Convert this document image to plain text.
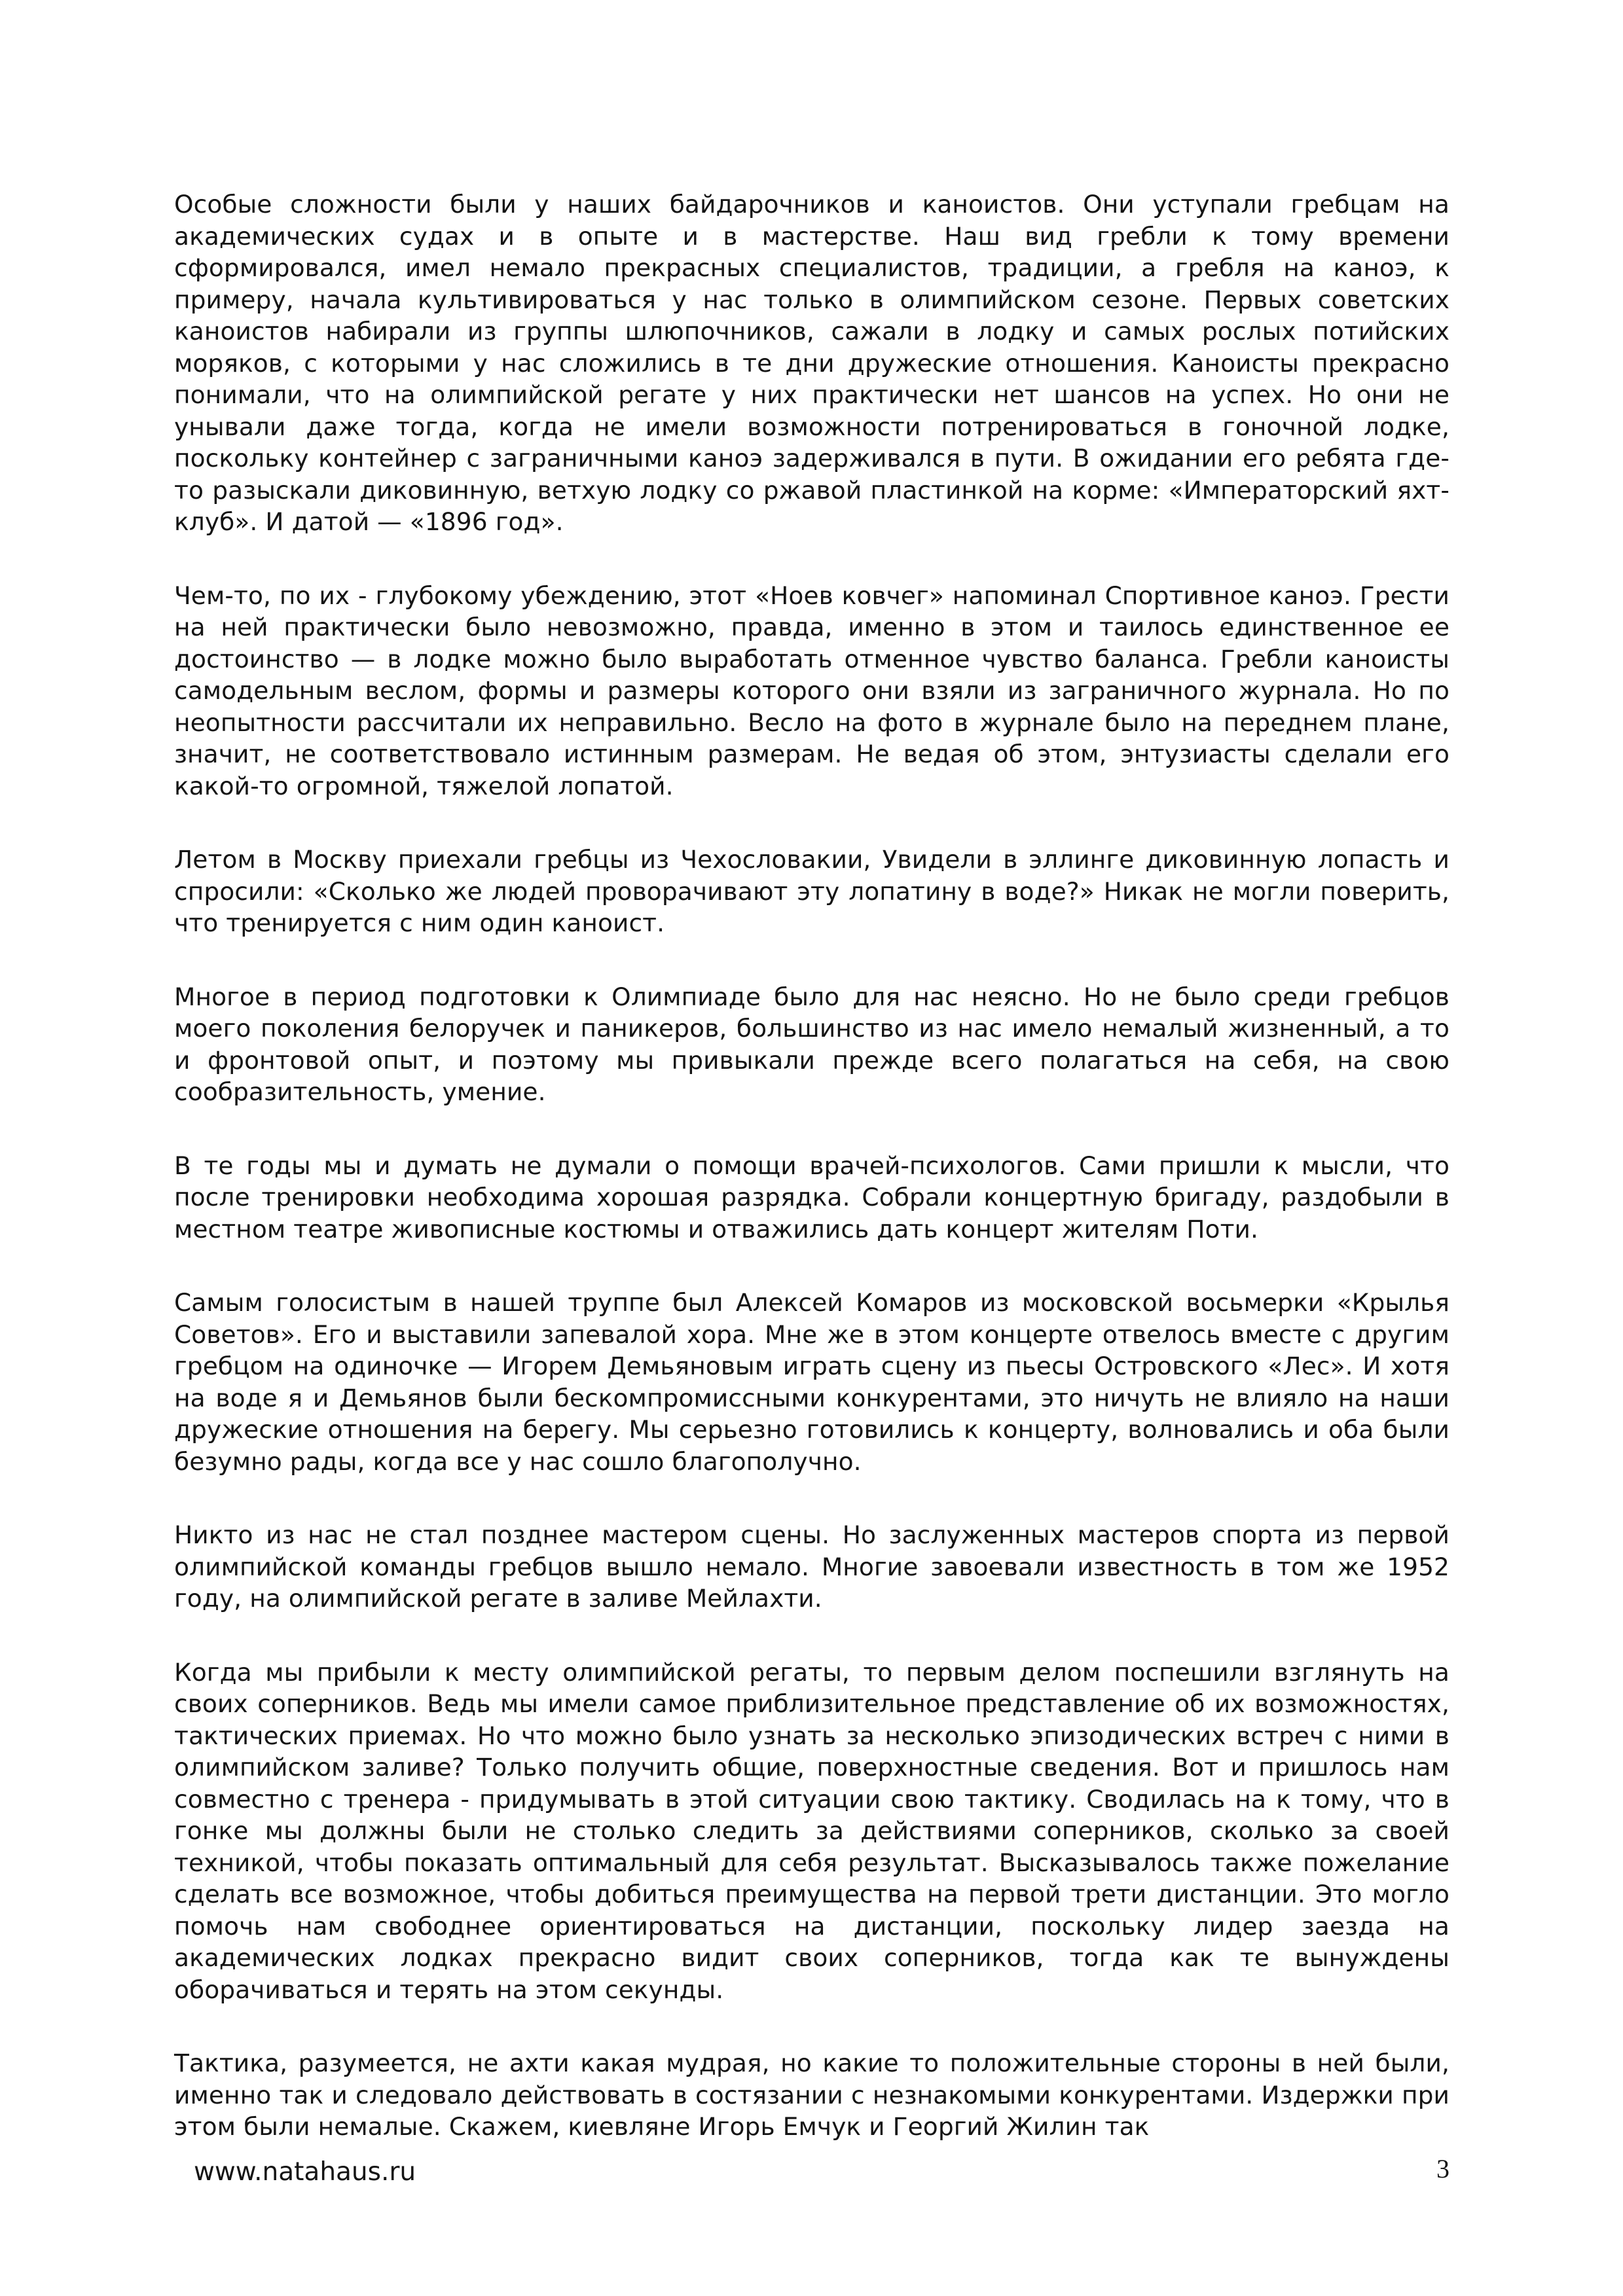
Особые сложности были у наших байдарочников и каноистов. Они уступали гребцам на академических судах и в опыте и в мастерстве. Наш вид гребли к тому времени сформировался, имел немало прекрасных специалистов, традиции, а гребля на каноэ, к примеру, начала культивироваться у нас только в олимпийском сезоне. Первых советских каноистов набирали из группы шлюпочников, сажали в лодку и самых рослых потийских моряков, с которыми у нас сложились в те дни дружеские отношения. Каноисты прекрасно понимали, что на олимпийской регате у них практически нет шансов на успех. Но они не унывали даже тогда, когда не имели возможности потренироваться в гоночной лодке, поскольку контейнер с заграничными каноэ задерживался в пути. В ожидании его ребята где-то разыскали диковинную, ветхую лодку со ржавой пластинкой на корме: «Императорский яхт-клуб». И датой — «1896 год».

Чем-то, по их - глубокому убеждению, этот «Ноев ковчег» напоминал Спортивное каноэ. Грести на ней практически было невозможно, правда, именно в этом и таилось единственное ее достоинство — в лодке можно было выработать отменное чувство баланса. Гребли каноисты самодельным веслом, формы и размеры которого они взяли из заграничного журнала. Но по неопытности рассчитали их неправильно. Весло на фото в журнале было на переднем плане, значит, не соответствовало истинным размерам. Не ведая об этом, энтузиасты сделали его какой-то огромной, тяжелой лопатой.

Летом в Москву приехали гребцы из Чехословакии, Увидели в эллинге диковинную лопасть и спросили: «Сколько же людей проворачивают эту лопатину в воде?» Никак не могли поверить, что тренируется с ним один каноист.

Многое в период подготовки к Олимпиаде было для нас неясно. Но не было среди гребцов моего поколения белоручек и паникеров, большинство из нас имело немалый жизненный, а то и фронтовой опыт, и поэтому мы привыкали прежде всего полагаться на себя, на свою сообразительность, умение.

В те годы мы и думать не думали о помощи врачей-психологов. Сами пришли к мысли, что после тренировки необходима хорошая разрядка. Собрали концертную бригаду, раздобыли в местном театре живописные костюмы и отважились дать концерт жителям Поти.

Самым голосистым в нашей труппе был Алексей Комаров из московской восьмерки «Крылья Советов». Его и выставили запевалой хора. Мне же в этом концерте отвелось вместе с другим гребцом на одиночке — Игорем Демьяновым играть сцену из пьесы Островского «Лес». И хотя на воде я и Демьянов были бескомпромиссными конкурентами, это ничуть не влияло на наши дружеские отношения на берегу. Мы серьезно готовились к концерту, волновались и оба были безумно рады, когда все у нас сошло благополучно.

Никто из нас не стал позднее мастером сцены. Но заслуженных мастеров спорта из первой олимпийской команды гребцов вышло немало. Многие завоевали известность в том же 1952 году, на олимпийской регате в заливе Мейлахти.

Когда мы прибыли к месту олимпийской регаты, то первым делом поспешили взглянуть на своих соперников. Ведь мы имели самое приблизительное представление об их возможностях, тактических приемах. Но что можно было узнать за несколько эпизодических встреч с ними в олимпийском заливе? Только получить общие, поверхностные сведения. Вот и пришлось нам совместно с тренера - придумывать в этой ситуации свою тактику. Сводилась на к тому, что в гонке мы должны были не столько следить за действиями соперников, сколько за своей техникой, чтобы показать оптимальный для себя результат. Высказывалось также пожелание сделать все возможное, чтобы добиться преимущества на первой трети дистанции. Это могло помочь нам свободнее ориентироваться на дистанции, поскольку лидер заезда на академических лодках прекрасно видит своих соперников, тогда как те вынуждены оборачиваться и терять на этом секунды.

Тактика, разумеется, не ахти какая мудрая, но какие то положительные стороны в ней были, именно так и следовало действовать в состязании с незнакомыми конкурентами. Издержки при этом были немалые. Скажем, киевляне Игорь Емчук и Георгий Жилин так

www.natahaus.ru	3
